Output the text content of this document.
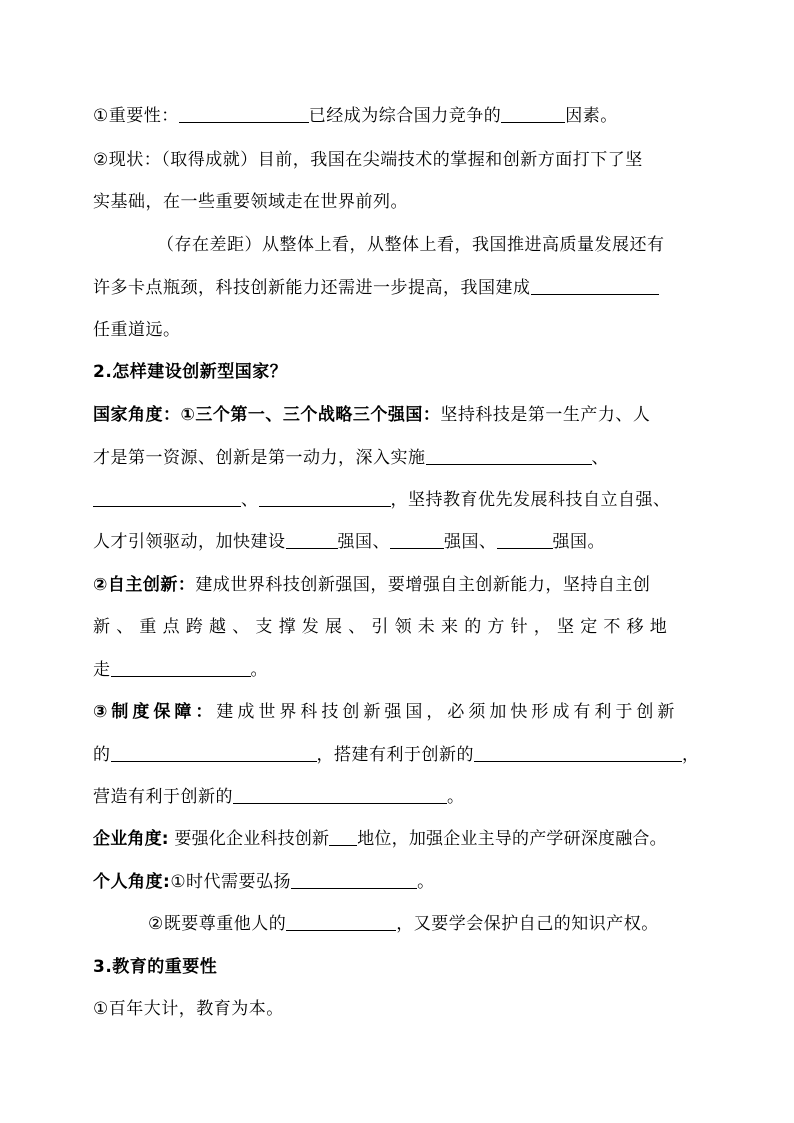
①重要性：	已经成为综合国力竞争的	因素。
②现状：（取得成就）目前，我国在尖端技术的掌握和创新方面打下了坚
实基础，在一些重要领域走在世界前列。
（存在差距）从整体上看，从整体上看，我国推进高质量发展还有
许多卡点瓶颈，科技创新能力还需进一步提高，我国建成
任重道远。
2.怎样建设创新型国家？
国家角度：①三个第一、三个战略三个强国：坚持科技是第一生产力、人
才是第一资源、创新是第一动力，深入实施	、
、	，坚持教育优先发展科技自立自强、
人才引领驱动，加快建设	强国、	强国、	强国。
②自主创新：建成世界科技创新强国，要增强自主创新能力，坚持自主创
新、重点跨越、支撑发展、引领未来的方针，坚定不移地
走	。
③制度保障：建成世界科技创新强国，必须加快形成有利于创新
的	，搭建有利于创新的	，
营造有利于创新的	。
企业角度: 要强化企业科技创新 地位，加强企业主导的产学研深度融合。
个人角度:①时代需要弘扬	。
②既要尊重他人的	，又要学会保护自己的知识产权。
3.教育的重要性
①百年大计，教育为本。
